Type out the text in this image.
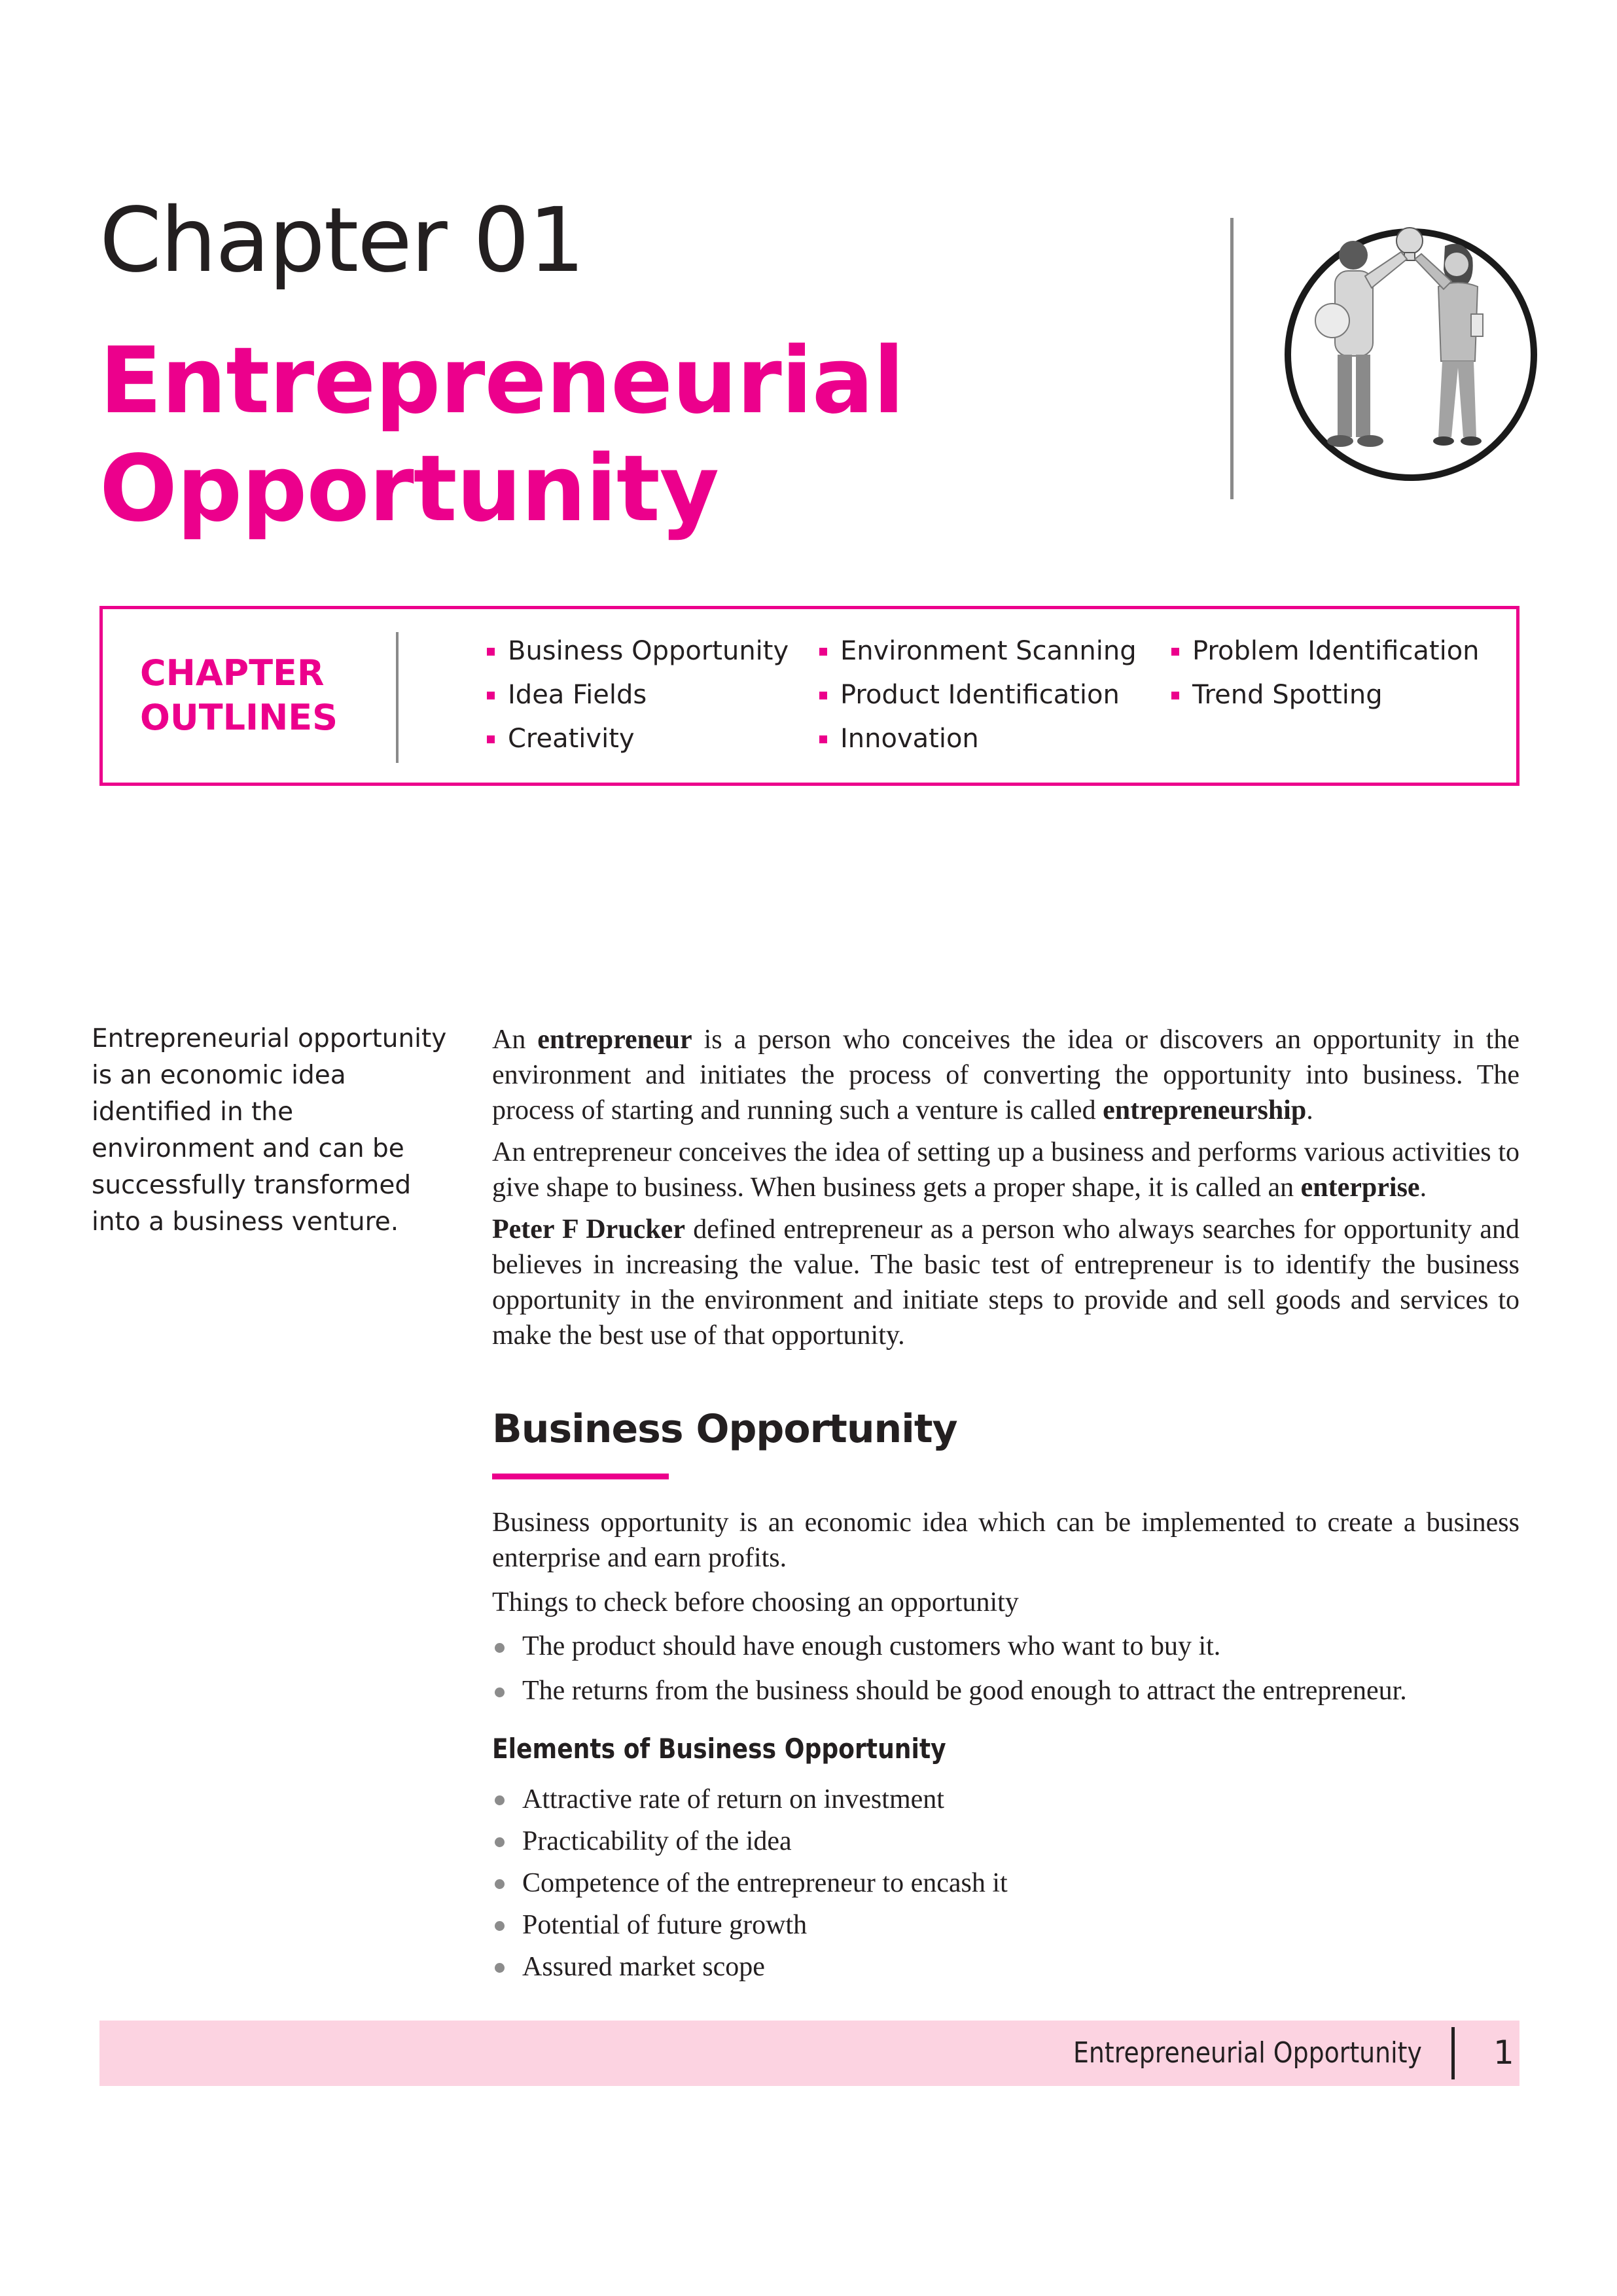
Chapter 01
Entrepreneurial
Opportunity
CHAPTER
OUTLINES
Business Opportunity
Idea Fields
Creativity
Environment Scanning
Product Identification
Innovation
Problem Identification
Trend Spotting
Entrepreneurial opportunity is an economic idea identified in the environment and can be successfully transformed into a business venture.

An entrepreneur is a person who conceives the idea or discovers an opportunity in the environment and initiates the process of converting the opportunity into business. The process of starting and running such a venture is called entrepreneurship.

An entrepreneur conceives the idea of setting up a business and performs various activities to give shape to business. When business gets a proper shape, it is called an enterprise.

Peter F Drucker defined entrepreneur as a person who always searches for opportunity and believes in increasing the value. The basic test of entrepreneur is to identify the business opportunity in the environment and initiate steps to provide and sell goods and services to make the best use of that opportunity.

Business Opportunity

Business opportunity is an economic idea which can be implemented to create a business enterprise and earn profits.

Things to check before choosing an opportunity

The product should have enough customers who want to buy it.
The returns from the business should be good enough to attract the entrepreneur.
Elements of Business Opportunity
Attractive rate of return on investment
Practicability of the idea
Competence of the entrepreneur to encash it
Potential of future growth
Assured market scope
Entrepreneurial Opportunity 1
